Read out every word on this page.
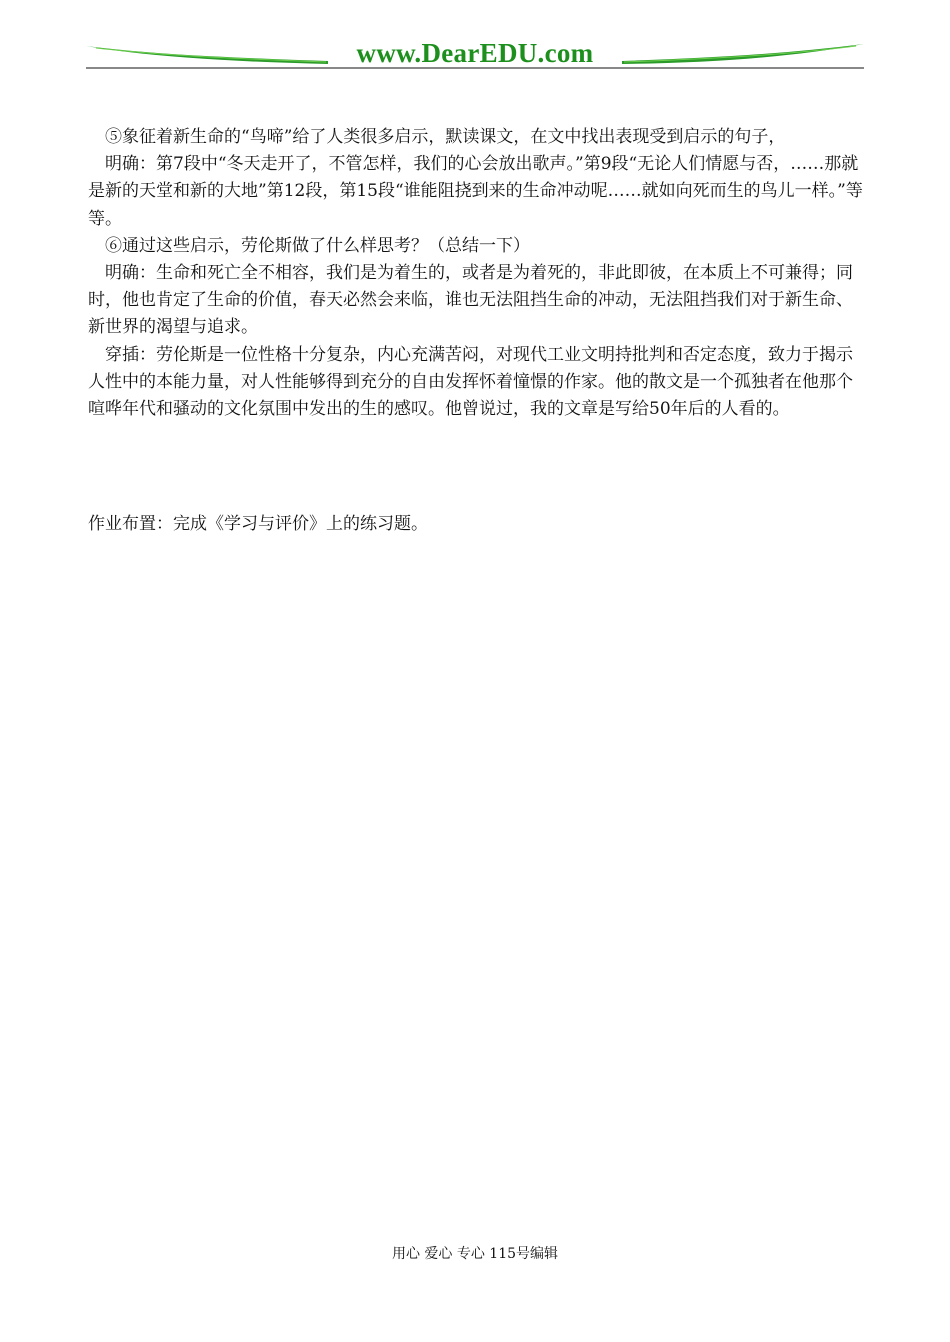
www.DearEDU.com

⑤象征着新生命的“鸟啼”给了人类很多启示，默读课文，在文中找出表现受到启示的句子，

明确：第7段中“冬天走开了，不管怎样，我们的心会放出歌声。”第9段“无论人们情愿与否，……那就是新的天堂和新的大地”第12段，第15段“谁能阻挠到来的生命冲动呢……就如向死而生的鸟儿一样。”等等。

⑥通过这些启示，劳伦斯做了什么样思考？（总结一下）

明确：生命和死亡全不相容，我们是为着生的，或者是为着死的，非此即彼，在本质上不可兼得；同时，他也肯定了生命的价值，春天必然会来临，谁也无法阻挡生命的冲动，无法阻挡我们对于新生命、新世界的渴望与追求。

穿插：劳伦斯是一位性格十分复杂，内心充满苦闷，对现代工业文明持批判和否定态度，致力于揭示人性中的本能力量，对人性能够得到充分的自由发挥怀着憧憬的作家。他的散文是一个孤独者在他那个喧哗年代和骚动的文化氛围中发出的生的感叹。他曾说过，我的文章是写给50年后的人看的。

作业布置：完成《学习与评价》上的练习题。

用心 爱心 专心 115号编辑
